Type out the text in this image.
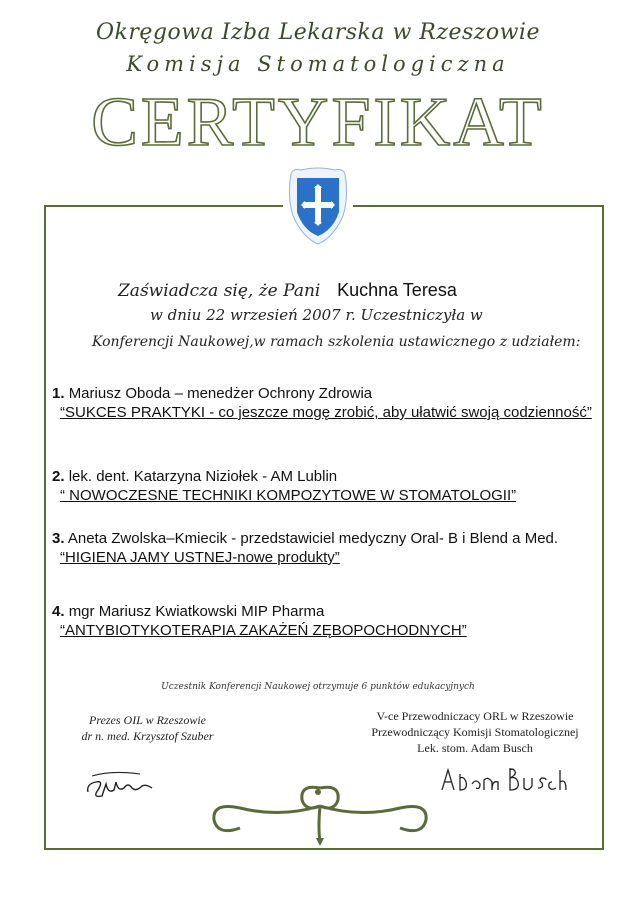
Okręgowa Izba Lekarska w Rzeszowie
Komisja Stomatologiczna
CERTYFIKAT
Zaświadcza się, że Pani Kuchna Teresa
w dniu 22 wrzesień 2007 r. Uczestniczyła w
Konferencji Naukowej,w ramach szkolenia ustawicznego z udziałem:
1. Mariusz Oboda – menedżer Ochrony Zdrowia
“SUKCES PRAKTYKI - co jeszcze mogę zrobić, aby ułatwić swoją codzienność”
2. lek. dent. Katarzyna Niziołek - AM Lublin
“ NOWOCZESNE TECHNIKI KOMPOZYTOWE W STOMATOLOGII”
3. Aneta Zwolska–Kmiecik - przedstawiciel medyczny Oral- B i Blend a Med.
“HIGIENA JAMY USTNEJ-nowe produkty”
4. mgr Mariusz Kwiatkowski MIP Pharma
“ANTYBIOTYKOTERAPIA ZAKAŻEŃ ZĘBOPOCHODNYCH”
Uczestnik Konferencji Naukowej otrzymuje 6 punktów edukacyjnych
Prezes OIL w Rzeszowie
dr n. med. Krzysztof Szuber
V-ce Przewodniczacy ORL w Rzeszowie
Przewodniczący Komisji Stomatologicznej
Lek. stom. Adam Busch
